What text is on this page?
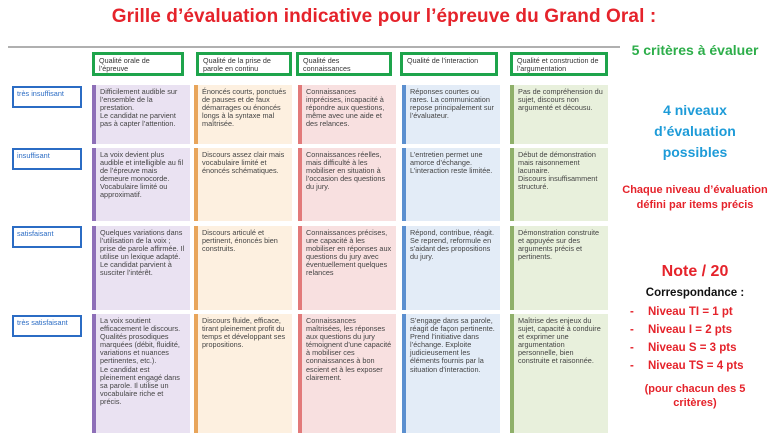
Grille d’évaluation indicative pour l’épreuve du Grand Oral :
Qualité orale de l’épreuve
Qualité de la prise de parole en continu
Qualité des connaissances
Qualité de l’interaction	Qualité et construction de l’argumentation
très insuffisant
insuffisant
satisfaisant
très satisfaisant
Difficilement audible sur l’ensemble de la prestation.
Le candidat ne parvient pas à capter l’attention.
Énoncés courts, ponctués de pauses et de faux démarrages ou énoncés longs à la syntaxe mal maîtrisée.
Connaissances imprécises, incapacité à répondre aux questions, même avec une aide et des relances.
Réponses courtes ou rares. La communication repose principalement sur l’évaluateur.
Pas de compréhension du sujet, discours non argumenté et décousu.
La voix devient plus audible et intelligible au fil de l’épreuve mais demeure monocorde.
Vocabulaire limité ou approximatif.
Discours assez clair mais vocabulaire limité et énoncés schématiques.
Connaissances réelles, mais difficulté à les mobiliser en situation à l’occasion des questions du jury.
L’entretien permet une amorce d’échange. L’interaction reste limitée.
Début de démonstration mais raisonnement lacunaire.
Discours insuffisamment structuré.
Quelques variations dans l’utilisation de la voix ; prise de parole affirmée. Il utilise un lexique adapté.
Le candidat parvient à susciter l’intérêt.
Discours articulé et pertinent, énoncés bien construits.
Connaissances précises, une capacité à les mobiliser en réponses aux questions du jury avec éventuellement quelques relances
Répond, contribue, réagit. Se reprend, reformule en s’aidant des propositions du jury.
Démonstration construite et appuyée sur des arguments précis et pertinents.
La voix soutient efficacement le discours.
Qualités prosodiques marquées (débit, fluidité, variations et nuances pertinentes, etc.).
Le candidat est pleinement engagé dans sa parole. Il utilise un vocabulaire riche et précis.
Discours fluide, efficace, tirant pleinement profit du temps et développant ses propositions.
Connaissances maîtrisées, les réponses aux questions du jury témoignent d’une capacité à mobiliser ces connaissances à bon escient et à les exposer clairement.
S’engage dans sa parole, réagit de façon pertinente. Prend l’initiative dans l’échange. Exploite judicieusement les éléments fournis par la situation d’interaction.
Maîtrise des enjeux du sujet, capacité à conduire et exprimer une argumentation personnelle, bien construite et raisonnée.
5 critères à évaluer
4 niveaux d’évaluation possibles
Chaque niveau d’évaluation défini par items précis
Note / 20
Correspondance :
- Niveau TI = 1 pt
- Niveau I = 2 pts
- Niveau S = 3 pts
- Niveau TS = 4 pts
(pour chacun des 5 critères)
